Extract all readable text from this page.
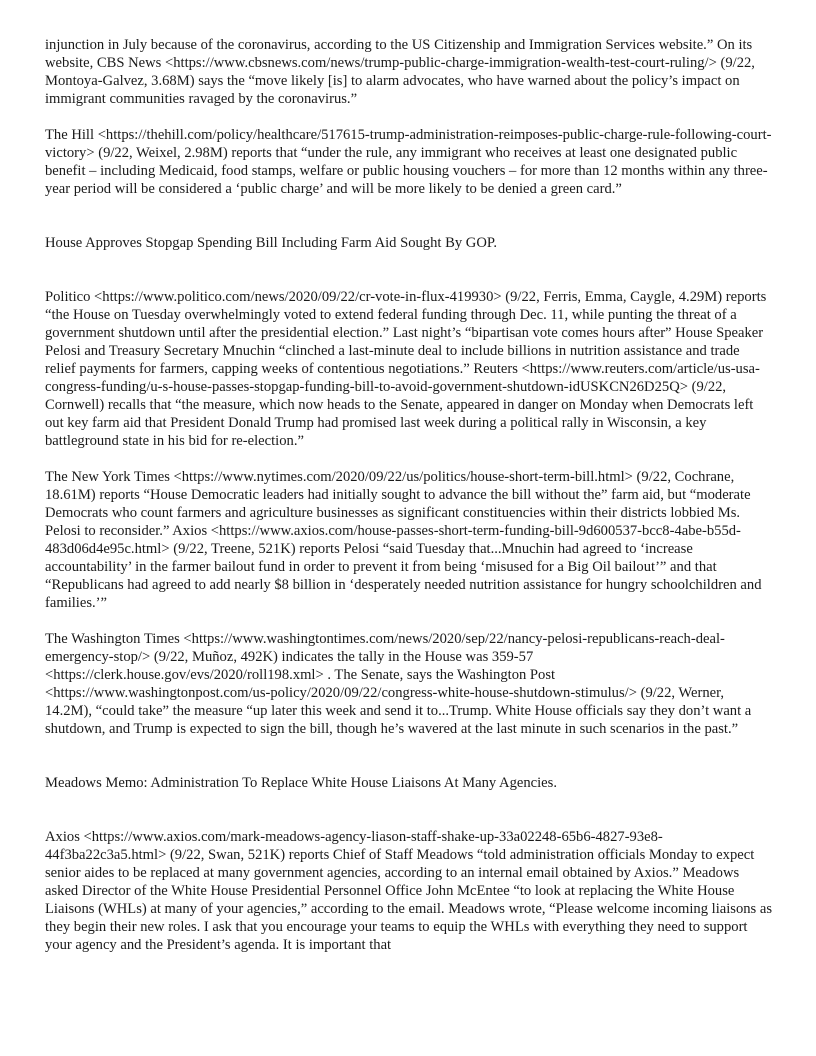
injunction in July because of the coronavirus, according to the US Citizenship and Immigration Services website.” On its website, CBS News <https://www.cbsnews.com/news/trump-public-charge-immigration-wealth-test-court-ruling/> (9/22, Montoya-Galvez, 3.68M) says the “move likely [is] to alarm advocates, who have warned about the policy’s impact on immigrant communities ravaged by the coronavirus.”

The Hill <https://thehill.com/policy/healthcare/517615-trump-administration-reimposes-public-charge-rule-following-court-victory> (9/22, Weixel, 2.98M) reports that “under the rule, any immigrant who receives at least one designated public benefit – including Medicaid, food stamps, welfare or public housing vouchers – for more than 12 months within any three-year period will be considered a ‘public charge’ and will be more likely to be denied a green card.”

House Approves Stopgap Spending Bill Including Farm Aid Sought By GOP.

Politico <https://www.politico.com/news/2020/09/22/cr-vote-in-flux-419930> (9/22, Ferris, Emma, Caygle, 4.29M) reports “the House on Tuesday overwhelmingly voted to extend federal funding through Dec. 11, while punting the threat of a government shutdown until after the presidential election.” Last night’s “bipartisan vote comes hours after” House Speaker Pelosi and Treasury Secretary Mnuchin “clinched a last-minute deal to include billions in nutrition assistance and trade relief payments for farmers, capping weeks of contentious negotiations.” Reuters <https://www.reuters.com/article/us-usa-congress-funding/u-s-house-passes-stopgap-funding-bill-to-avoid-government-shutdown-idUSKCN26D25Q> (9/22, Cornwell) recalls that “the measure, which now heads to the Senate, appeared in danger on Monday when Democrats left out key farm aid that President Donald Trump had promised last week during a political rally in Wisconsin, a key battleground state in his bid for re-election.”

The New York Times <https://www.nytimes.com/2020/09/22/us/politics/house-short-term-bill.html> (9/22, Cochrane, 18.61M) reports “House Democratic leaders had initially sought to advance the bill without the” farm aid, but “moderate Democrats who count farmers and agriculture businesses as significant constituencies within their districts lobbied Ms. Pelosi to reconsider.” Axios <https://www.axios.com/house-passes-short-term-funding-bill-9d600537-bcc8-4abe-b55d-483d06d4e95c.html> (9/22, Treene, 521K) reports Pelosi “said Tuesday that...Mnuchin had agreed to ‘increase accountability’ in the farmer bailout fund in order to prevent it from being ‘misused for a Big Oil bailout’” and that “Republicans had agreed to add nearly $8 billion in ‘desperately needed nutrition assistance for hungry schoolchildren and families.’”

The Washington Times <https://www.washingtontimes.com/news/2020/sep/22/nancy-pelosi-republicans-reach-deal-emergency-stop/> (9/22, Muñoz, 492K) indicates the tally in the House was 359-57 <https://clerk.house.gov/evs/2020/roll198.xml> . The Senate, says the Washington Post <https://www.washingtonpost.com/us-policy/2020/09/22/congress-white-house-shutdown-stimulus/> (9/22, Werner, 14.2M), “could take” the measure “up later this week and send it to...Trump. White House officials say they don’t want a shutdown, and Trump is expected to sign the bill, though he’s wavered at the last minute in such scenarios in the past.”

Meadows Memo: Administration To Replace White House Liaisons At Many Agencies.

Axios <https://www.axios.com/mark-meadows-agency-liason-staff-shake-up-33a02248-65b6-4827-93e8-44f3ba22c3a5.html> (9/22, Swan, 521K) reports Chief of Staff Meadows “told administration officials Monday to expect senior aides to be replaced at many government agencies, according to an internal email obtained by Axios.” Meadows asked Director of the White House Presidential Personnel Office John McEntee “to look at replacing the White House Liaisons (WHLs) at many of your agencies,” according to the email. Meadows wrote, “Please welcome incoming liaisons as they begin their new roles. I ask that you encourage your teams to equip the WHLs with everything they need to support your agency and the President’s agenda. It is important that
